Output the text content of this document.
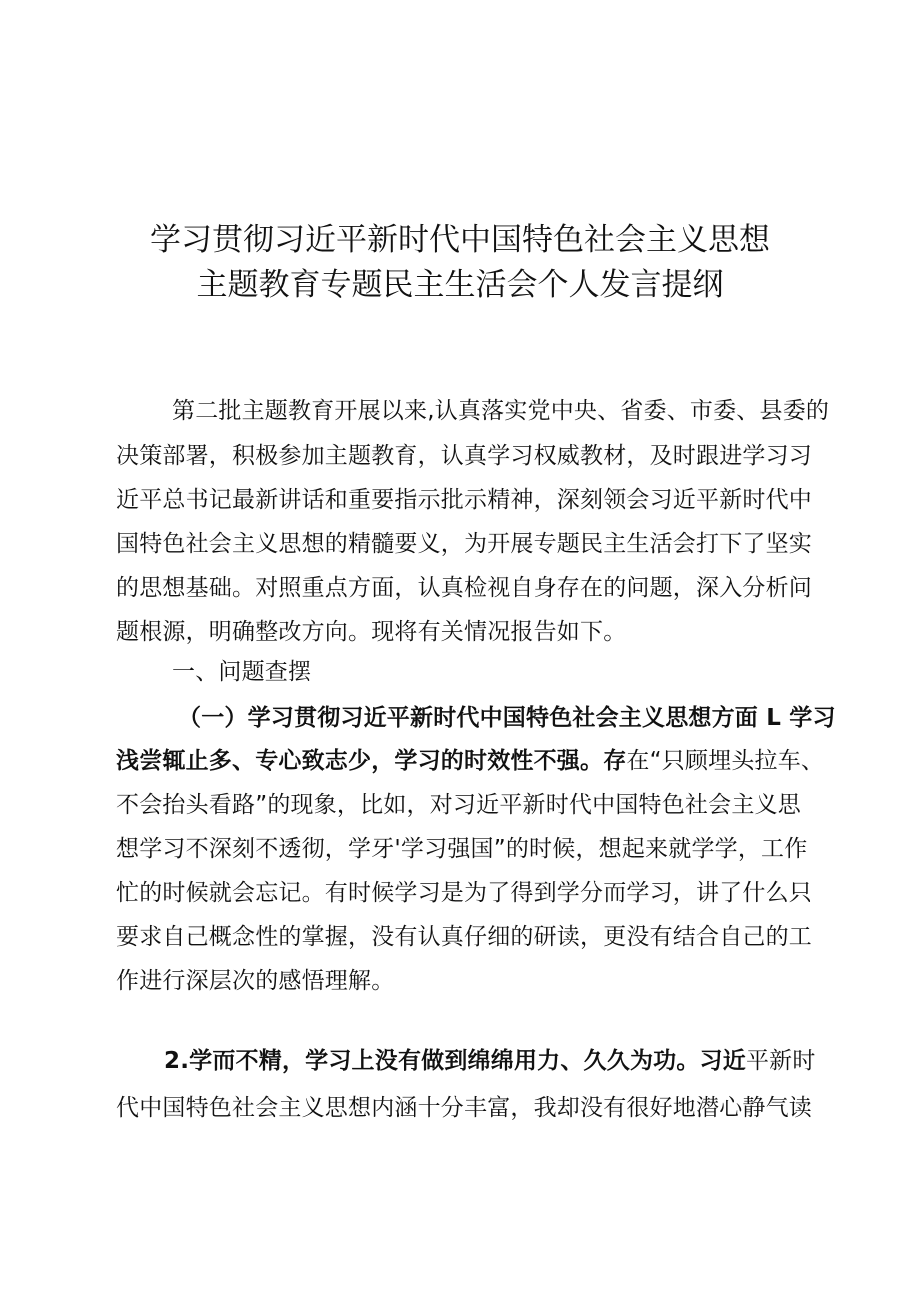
学习贯彻习近平新时代中国特色社会主义思想
主题教育专题民主生活会个人发言提纲
第二批主题教育开展以来,认真落实党中央、省委、市委、县委的
决策部署，积极参加主题教育，认真学习权威教材，及时跟进学习习
近平总书记最新讲话和重要指示批示精神，深刻领会习近平新时代中
国特色社会主义思想的精髓要义，为开展专题民主生活会打下了坚实
的思想基础。对照重点方面，认真检视自身存在的问题，深入分析问
题根源，明确整改方向。现将有关情况报告如下。
一、问题查摆
（一）学习贯彻习近平新时代中国特色社会主义思想方面 L 学习
浅尝辄止多、专心致志少，学习的时效性不强。存在“只顾埋头拉车、
不会抬头看路”的现象，比如，对习近平新时代中国特色社会主义思
想学习不深刻不透彻，学牙'学习强国”的时候，想起来就学学，工作
忙的时候就会忘记。有时候学习是为了得到学分而学习，讲了什么只
要求自己概念性的掌握，没有认真仔细的研读，更没有结合自己的工
作进行深层次的感悟理解。
2.学而不精，学习上没有做到绵绵用力、久久为功。习近平新时
代中国特色社会主义思想内涵十分丰富，我却没有很好地潜心静气读
